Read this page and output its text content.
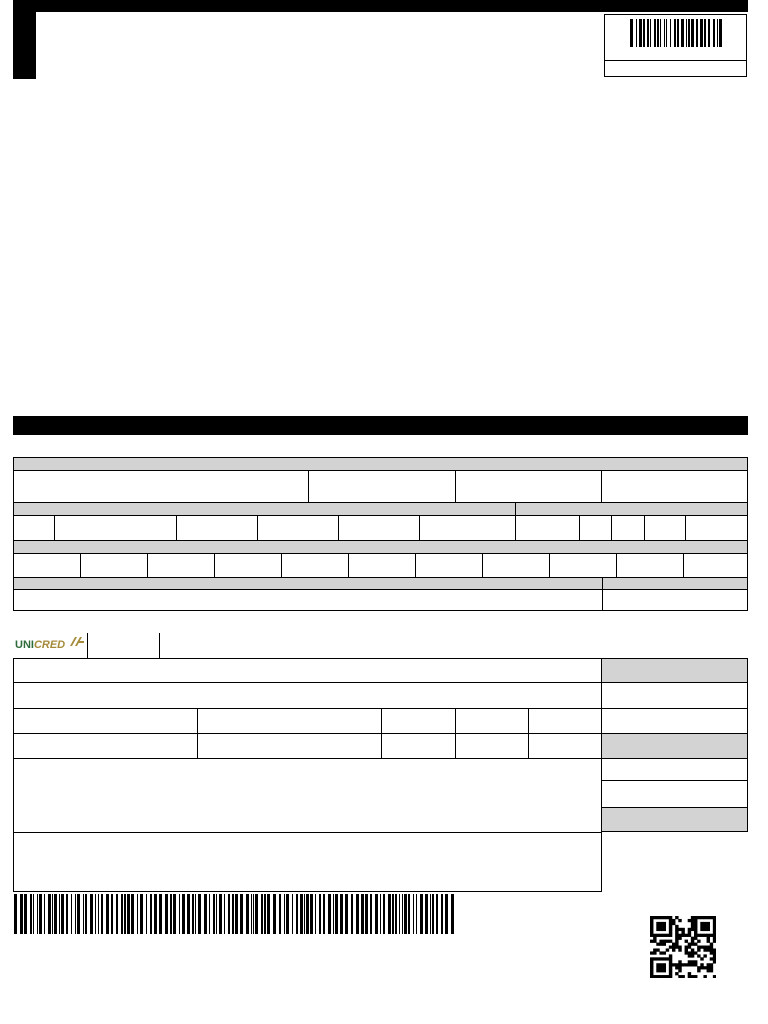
UNICRED
